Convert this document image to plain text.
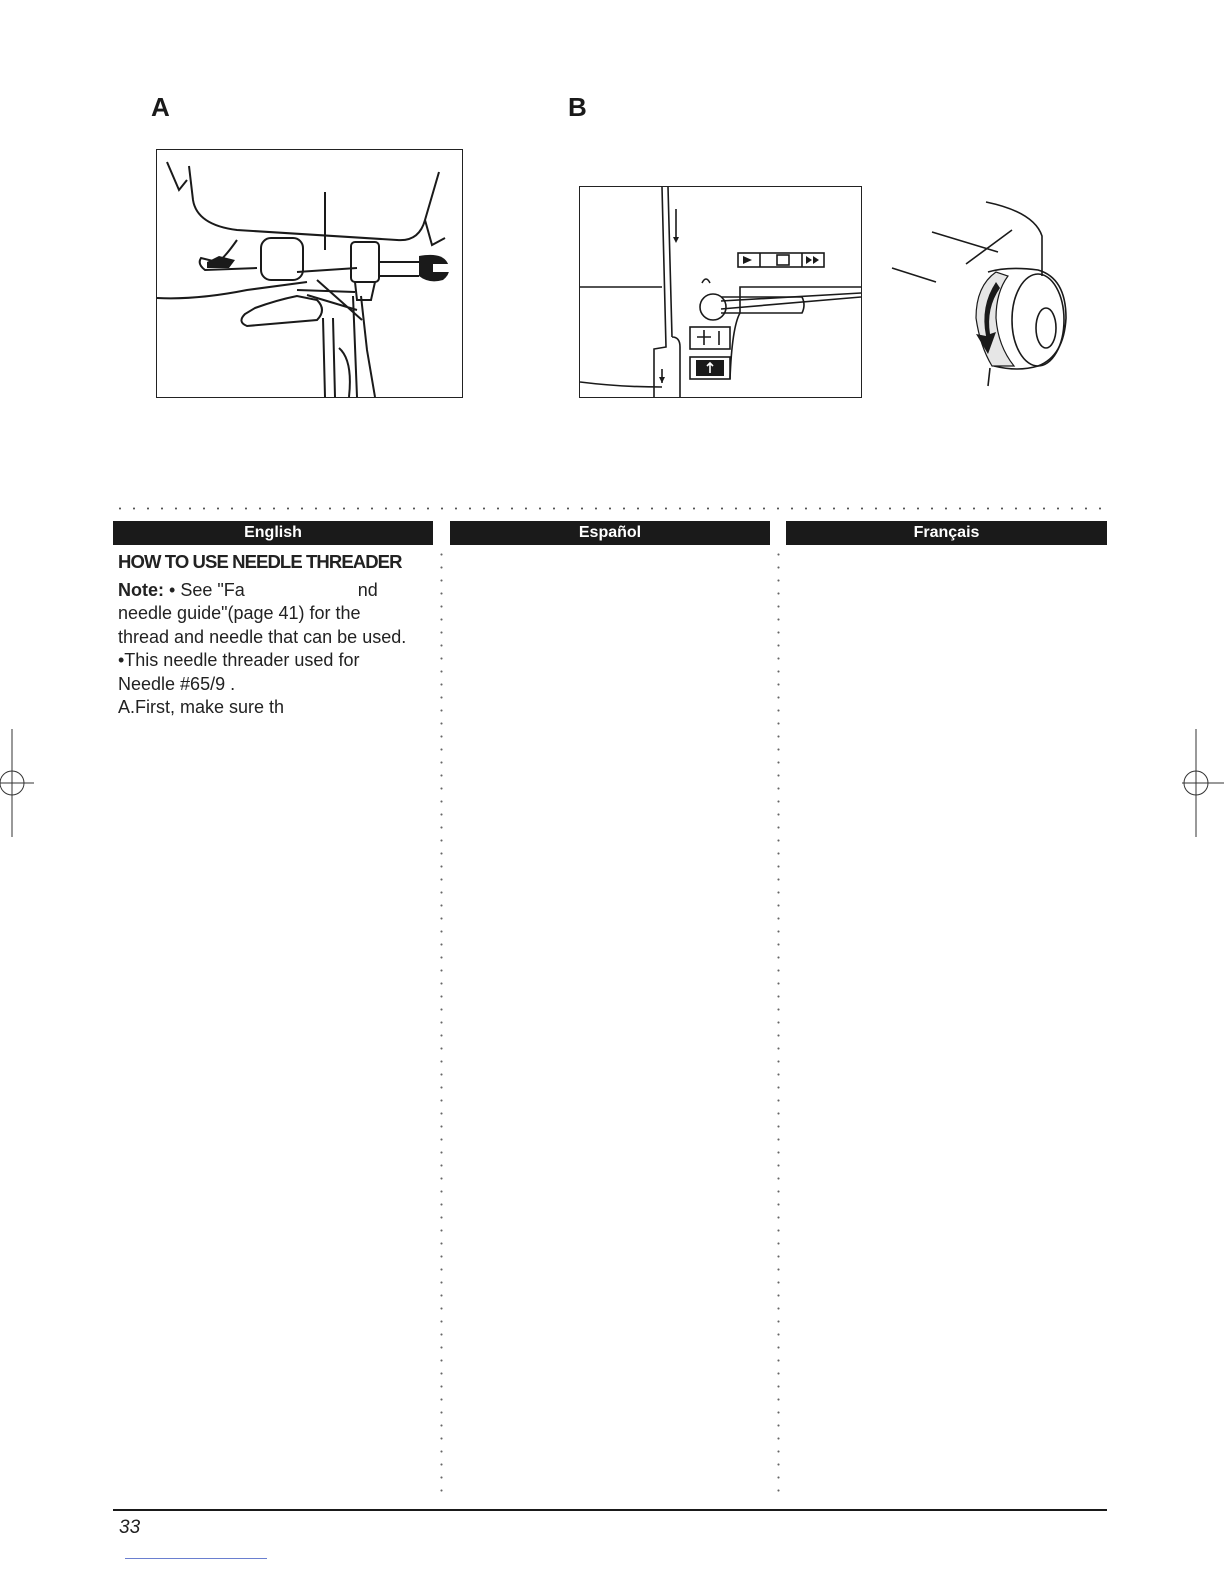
A	B
English	Español	Français

HOW TO USE NEEDLE THREADER

Note: • See "Fa	nd

needle guide"(page 41) for the

thread and needle that can be used.

•This needle threader used for

Needle #65/9 .

A.First, make sure th

33
